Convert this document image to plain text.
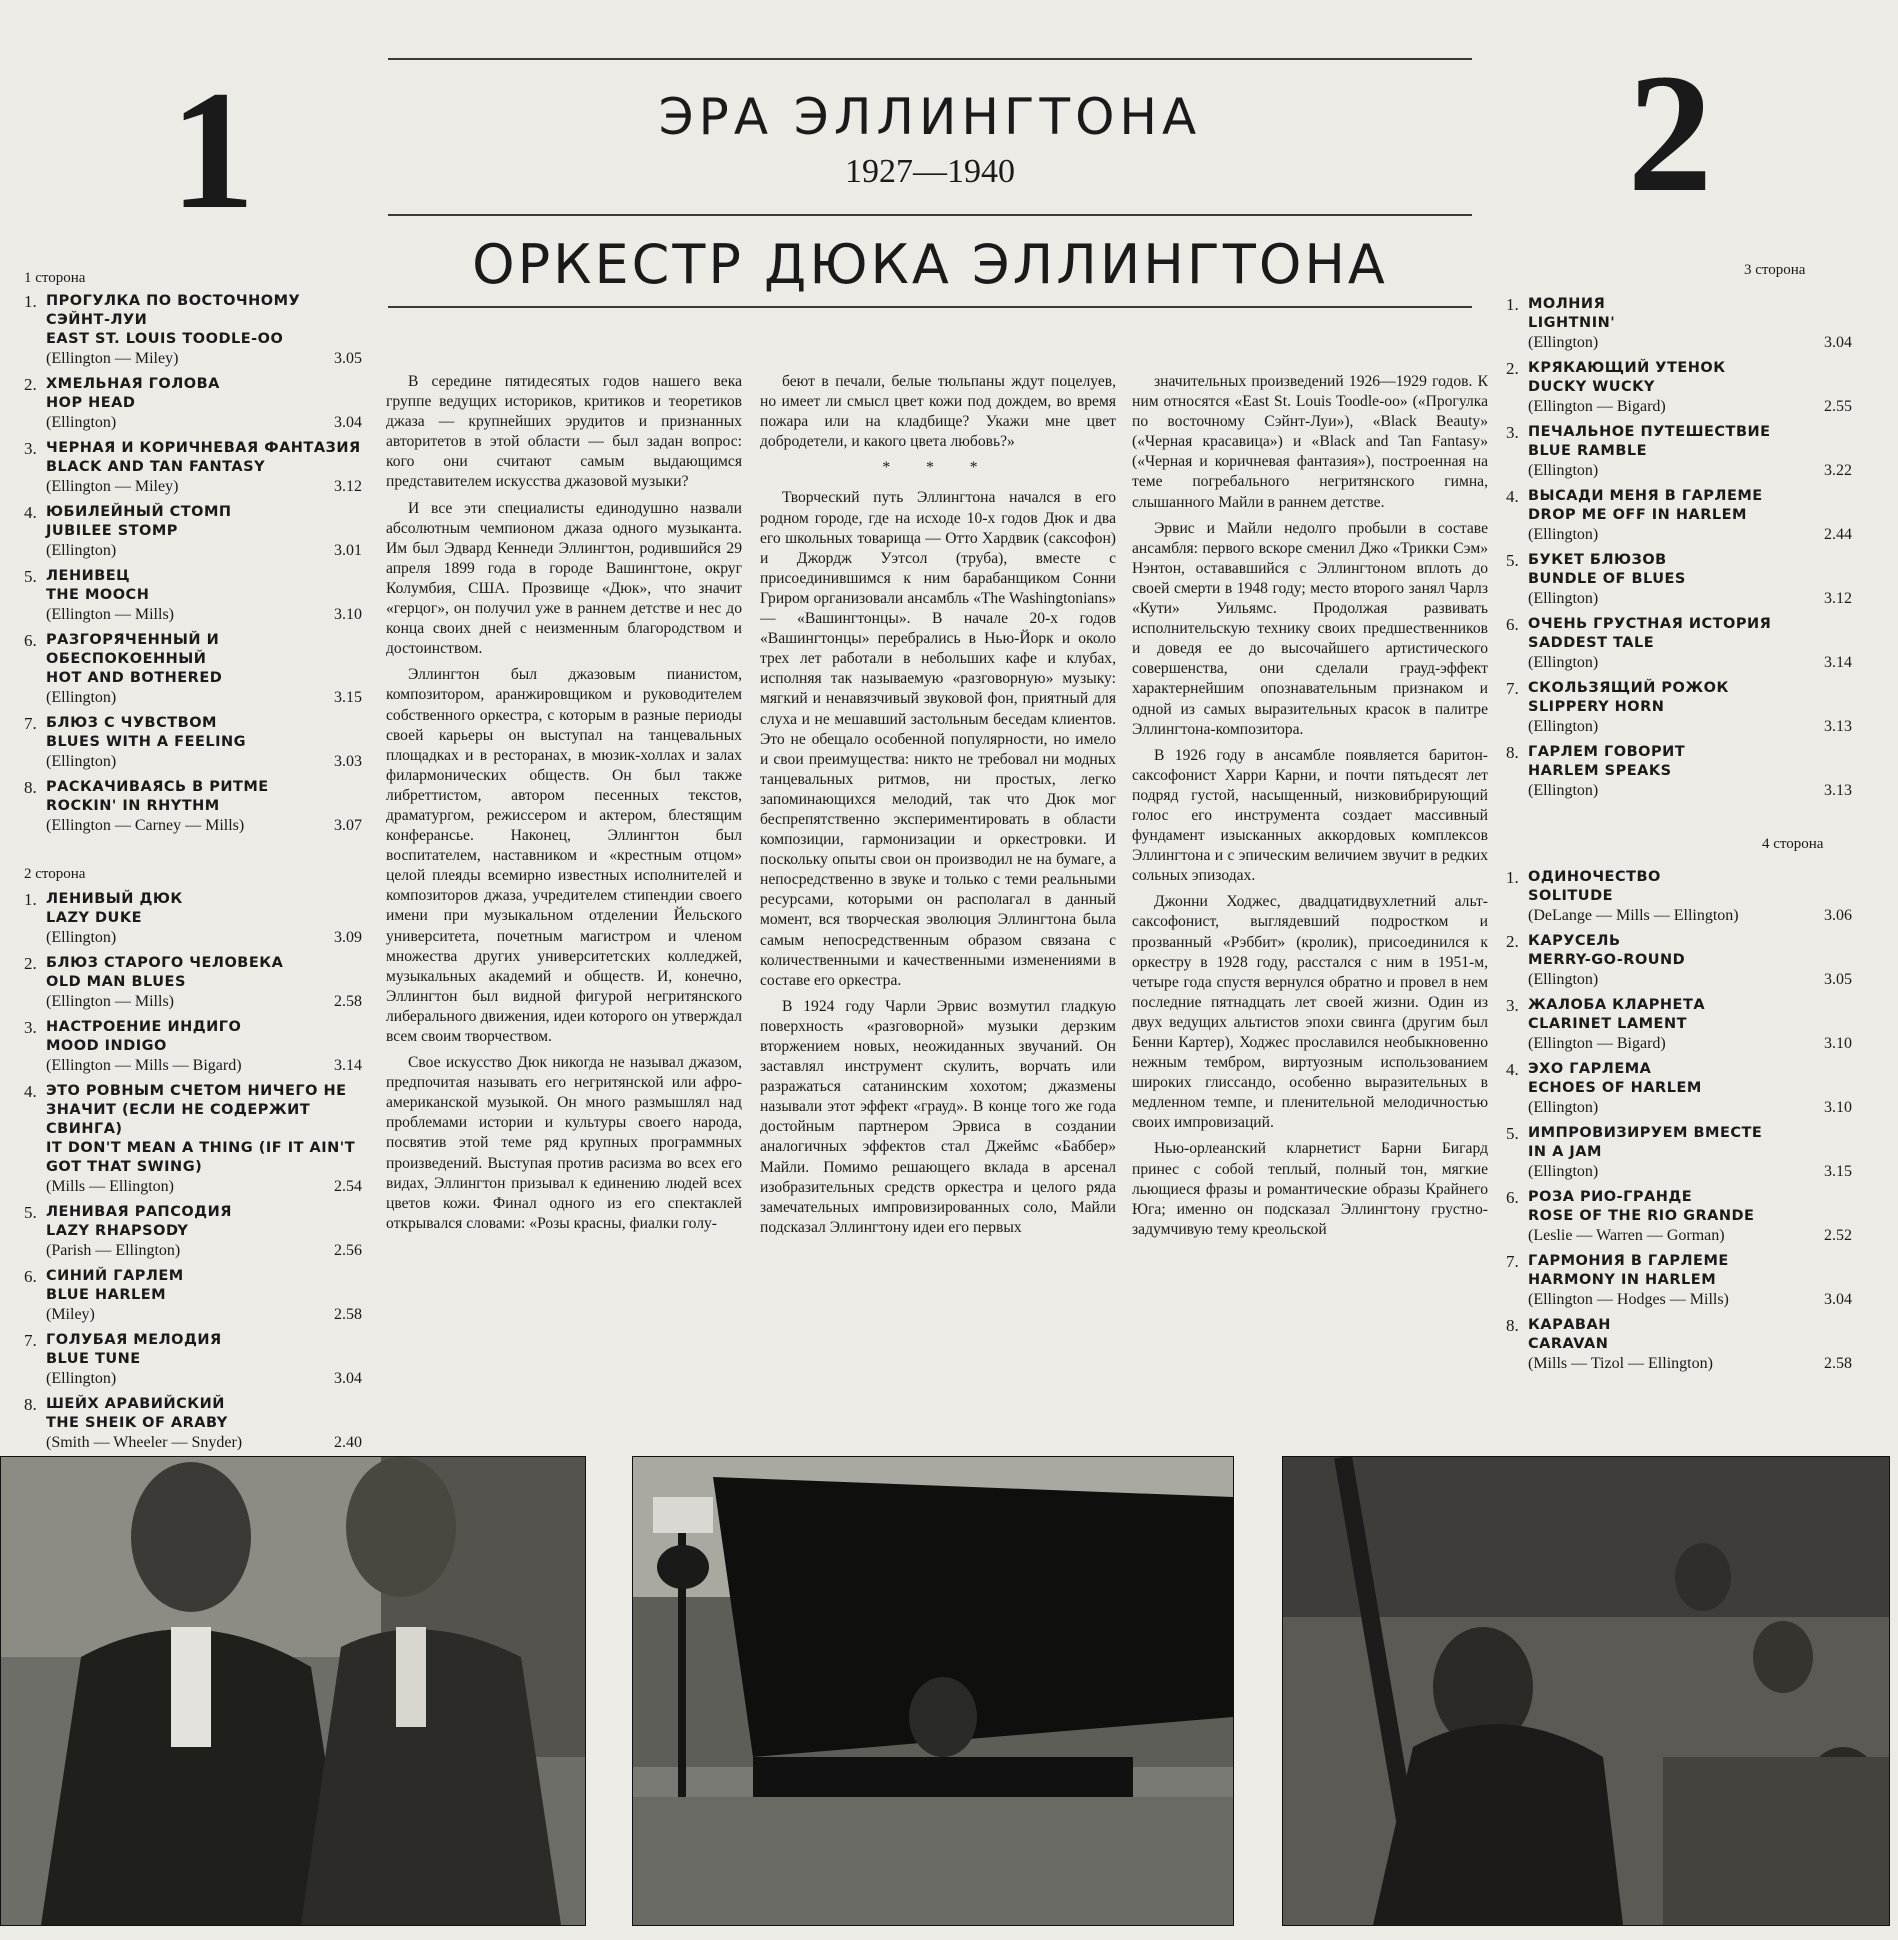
1	2
ЭРА ЭЛЛИНГТОНА
1927—1940
ОРКЕСТР ДЮКА ЭЛЛИНГТОНА
1 сторона
1. ПРОГУЛКА ПО ВОСТОЧНОМУ СЭЙНТ-ЛУИ
EAST ST. LOUIS TOODLE-OO
(Ellington — Miley)	3.05
2. ХМЕЛЬНАЯ ГОЛОВА
HOP HEAD
(Ellington)	3.04
3. ЧЕРНАЯ И КОРИЧНЕВАЯ ФАНТАЗИЯ
BLACK AND TAN FANTASY
(Ellington — Miley)	3.12
4. ЮБИЛЕЙНЫЙ СТОМП
JUBILEE STOMP
(Ellington)	3.01
5. ЛЕНИВЕЦ
THE MOOCH
(Ellington — Mills)	3.10
6. РАЗГОРЯЧЕННЫЙ И ОБЕСПОКОЕННЫЙ
HOT AND BOTHERED
(Ellington)	3.15
7. БЛЮЗ С ЧУВСТВОМ
BLUES WITH A FEELING
(Ellington)	3.03
8. РАСКАЧИВАЯСЬ В РИТМЕ
ROCKIN' IN RHYTHM
(Ellington — Carney — Mills)	3.07
2 сторона
1. ЛЕНИВЫЙ ДЮК
LAZY DUKE
(Ellington)	3.09
2. БЛЮЗ СТАРОГО ЧЕЛОВЕКА
OLD MAN BLUES
(Ellington — Mills)	2.58
3. НАСТРОЕНИЕ ИНДИГО
MOOD INDIGO
(Ellington — Mills — Bigard)	3.14
4. ЭТО РОВНЫМ СЧЕТОМ НИЧЕГО НЕ ЗНАЧИТ (ЕСЛИ НЕ СОДЕРЖИТ СВИНГА)
IT DON'T MEAN A THING (IF IT AIN'T GOT THAT SWING)
(Mills — Ellington)	2.54
5. ЛЕНИВАЯ РАПСОДИЯ
LAZY RHAPSODY
(Parish — Ellington)	2.56
6. СИНИЙ ГАРЛЕМ
BLUE HARLEM
(Miley)	2.58
7. ГОЛУБАЯ МЕЛОДИЯ
BLUE TUNE
(Ellington)	3.04
8. ШЕЙХ АРАВИЙСКИЙ
THE SHEIK OF ARABY
(Smith — Wheeler — Snyder)	2.40
3 сторона
1. МОЛНИЯ
LIGHTNIN'
(Ellington)	3.04
2. КРЯКАЮЩИЙ УТЕНОК
DUCKY WUCKY
(Ellington — Bigard)	2.55
3. ПЕЧАЛЬНОЕ ПУТЕШЕСТВИЕ
BLUE RAMBLE
(Ellington)	3.22
4. ВЫСАДИ МЕНЯ В ГАРЛЕМЕ
DROP ME OFF IN HARLEM
(Ellington)	2.44
5. БУКЕТ БЛЮЗОВ
BUNDLE OF BLUES
(Ellington)	3.12
6. ОЧЕНЬ ГРУСТНАЯ ИСТОРИЯ
SADDEST TALE
(Ellington)	3.14
7. СКОЛЬЗЯЩИЙ РОЖОК
SLIPPERY HORN
(Ellington)	3.13
8. ГАРЛЕМ ГОВОРИТ
HARLEM SPEAKS
(Ellington)	3.13
4 сторона
1. ОДИНОЧЕСТВО
SOLITUDE
(DeLange — Mills — Ellington)	3.06
2. КАРУСЕЛЬ
MERRY-GO-ROUND
(Ellington)	3.05
3. ЖАЛОБА КЛАРНЕТА
CLARINET LAMENT
(Ellington — Bigard)	3.10
4. ЭХО ГАРЛЕМА
ECHOES OF HARLEM
(Ellington)	3.10
5. ИМПРОВИЗИРУЕМ ВМЕСТЕ
IN A JAM
(Ellington)	3.15
6. РОЗА РИО-ГРАНДЕ
ROSE OF THE RIO GRANDE
(Leslie — Warren — Gorman)	2.52
7. ГАРМОНИЯ В ГАРЛЕМЕ
HARMONY IN HARLEM
(Ellington — Hodges — Mills)	3.04
8. КАРАВАН
CARAVAN
(Mills — Tizol — Ellington)	2.58

В середине пятидесятых годов нашего века группе ведущих историков, критиков и теоретиков джаза — крупнейших эрудитов и признанных авторитетов в этой области — был задан вопрос: кого они считают самым выдающимся представителем искусства джазовой музыки?

И все эти специалисты единодушно назвали абсолютным чемпионом джаза одного музыканта. Им был Эдвард Кеннеди Эллингтон, родившийся 29 апреля 1899 года в городе Вашингтоне, округ Колумбия, США. Прозвище «Дюк», что значит «герцог», он получил уже в раннем детстве и нес до конца своих дней с неизменным благородством и достоинством.

Эллингтон был джазовым пианистом, композитором, аранжировщиком и руководителем собственного оркестра, с которым в разные периоды своей карьеры он выступал на танцевальных площадках и в ресторанах, в мюзик-холлах и залах филармонических обществ. Он был также либреттистом, автором песенных текстов, драматургом, режиссером и актером, блестящим конферансье. Наконец, Эллингтон был воспитателем, наставником и «крестным отцом» целой плеяды всемирно известных исполнителей и композиторов джаза, учредителем стипендии своего имени при музыкальном отделении Йельского университета, почетным магистром и членом множества других университетских колледжей, музыкальных академий и обществ. И, конечно, Эллингтон был видной фигурой негритянского либерального движения, идеи которого он утверждал всем своим творчеством.

Свое искусство Дюк никогда не называл джазом, предпочитая называть его негритянской или афро-американской музыкой. Он много размышлял над проблемами истории и культуры своего народа, посвятив этой теме ряд крупных программных произведений. Выступая против расизма во всех его видах, Эллингтон призывал к единению людей всех цветов кожи. Финал одного из его спектаклей открывался словами: «Розы красны, фиалки голу-

беют в печали, белые тюльпаны ждут поцелуев, но имеет ли смысл цвет кожи под дождем, во время пожара или на кладбище? Укажи мне цвет добродетели, и какого цвета любовь?»

* * *

Творческий путь Эллингтона начался в его родном городе, где на исходе 10-х годов Дюк и два его школьных товарища — Отто Хардвик (саксофон) и Джордж Уэтсол (труба), вместе с присоединившимся к ним барабанщиком Сонни Гриром организовали ансамбль «The Washingtonians» — «Вашингтонцы». В начале 20-х годов «Вашингтонцы» перебрались в Нью-Йорк и около трех лет работали в небольших кафе и клубах, исполняя так называемую «разговорную» музыку: мягкий и ненавязчивый звуковой фон, приятный для слуха и не мешавший застольным беседам клиентов. Это не обещало особенной популярности, но имело и свои преимущества: никто не требовал ни модных танцевальных ритмов, ни простых, легко запоминающихся мелодий, так что Дюк мог беспрепятственно экспериментировать в области композиции, гармонизации и оркестровки. И поскольку опыты свои он производил не на бумаге, а непосредственно в звуке и только с теми реальными ресурсами, которыми он располагал в данный момент, вся творческая эволюция Эллингтона была самым непосредственным образом связана с количественными и качественными изменениями в составе его оркестра.

В 1924 году Чарли Эрвис возмутил гладкую поверхность «разговорной» музыки дерзким вторжением новых, неожиданных звучаний. Он заставлял инструмент скулить, ворчать или разражаться сатанинским хохотом; джазмены называли этот эффект «грауд». В конце того же года достойным партнером Эрвиса в создании аналогичных эффектов стал Джеймс «Баббер» Майли. Помимо решающего вклада в арсенал изобразительных средств оркестра и целого ряда замечательных импровизированных соло, Майли подсказал Эллингтону идеи его первых

значительных произведений 1926—1929 годов. К ним относятся «East St. Louis Toodle-oo» («Прогулка по восточному Сэйнт-Луи»), «Black Beauty» («Черная красавица») и «Black and Tan Fantasy» («Черная и коричневая фантазия»), построенная на теме погребального негритянского гимна, слышанного Майли в раннем детстве.

Эрвис и Майли недолго пробыли в составе ансамбля: первого вскоре сменил Джо «Трикки Сэм» Нэнтон, остававшийся с Эллингтоном вплоть до своей смерти в 1948 году; место второго занял Чарлз «Кути» Уильямс. Продолжая развивать исполнительскую технику своих предшественников и доведя ее до высочайшего артистического совершенства, они сделали грауд-эффект характернейшим опознавательным признаком и одной из самых выразительных красок в палитре Эллингтона-композитора.

В 1926 году в ансамбле появляется баритон-саксофонист Харри Карни, и почти пятьдесят лет подряд густой, насыщенный, низковибрирующий голос его инструмента создает массивный фундамент изысканных аккордовых комплексов Эллингтона и с эпическим величием звучит в редких сольных эпизодах.

Джонни Ходжес, двадцатидвухлетний альт-саксофонист, выглядевший подростком и прозванный «Рэббит» (кролик), присоединился к оркестру в 1928 году, расстался с ним в 1951-м, четыре года спустя вернулся обратно и провел в нем последние пятнадцать лет своей жизни. Один из двух ведущих альтистов эпохи свинга (другим был Бенни Картер), Ходжес прославился необыкновенно нежным тембром, виртуозным использованием широких глиссандо, особенно выразительных в медленном темпе, и пленительной мелодичностью своих импровизаций.

Нью-орлеанский кларнетист Барни Бигард принес с собой теплый, полный тон, мягкие льющиеся фразы и романтические образы Крайнего Юга; именно он подсказал Эллингтону грустно-задумчивую тему креольской
